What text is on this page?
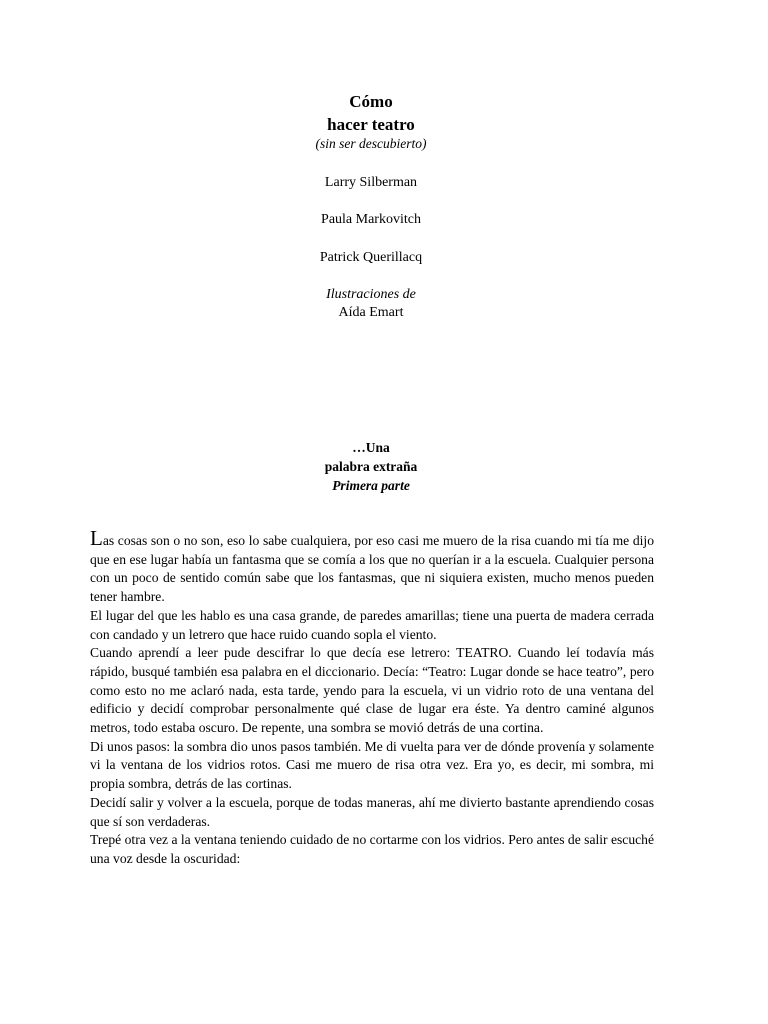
Cómo
hacer teatro
(sin ser descubierto)
Larry Silberman
Paula Markovitch
Patrick Querillacq
Ilustraciones de
Aída Emart
…Una
palabra extraña
Primera parte

Las cosas son o no son, eso lo sabe cualquiera, por eso casi me muero de la risa cuando mi tía me dijo que en ese lugar había un fantasma que se comía a los que no querían ir a la escuela. Cualquier persona con un poco de sentido común sabe que los fantasmas, que ni siquiera existen, mucho menos pueden tener hambre.

El lugar del que les hablo es una casa grande, de paredes amarillas; tiene una puerta de madera cerrada con candado y un letrero que hace ruido cuando sopla el viento.

Cuando aprendí a leer pude descifrar lo que decía ese letrero: TEATRO. Cuando leí todavía más rápido, busqué también esa palabra en el diccionario. Decía: “Teatro: Lugar donde se hace teatro”, pero como esto no me aclaró nada, esta tarde, yendo para la escuela, vi un vidrio roto de una ventana del edificio y decidí comprobar personalmente qué clase de lugar era éste. Ya dentro caminé algunos metros, todo estaba oscuro. De repente, una sombra se movió detrás de una cortina.

Di unos pasos: la sombra dio unos pasos también. Me di vuelta para ver de dónde provenía y solamente vi la ventana de los vidrios rotos. Casi me muero de risa otra vez. Era yo, es decir, mi sombra, mi propia sombra, detrás de las cortinas.

Decidí salir y volver a la escuela, porque de todas maneras, ahí me divierto bastante aprendiendo cosas que sí son verdaderas.

Trepé otra vez a la ventana teniendo cuidado de no cortarme con los vidrios. Pero antes de salir escuché una voz desde la oscuridad:
